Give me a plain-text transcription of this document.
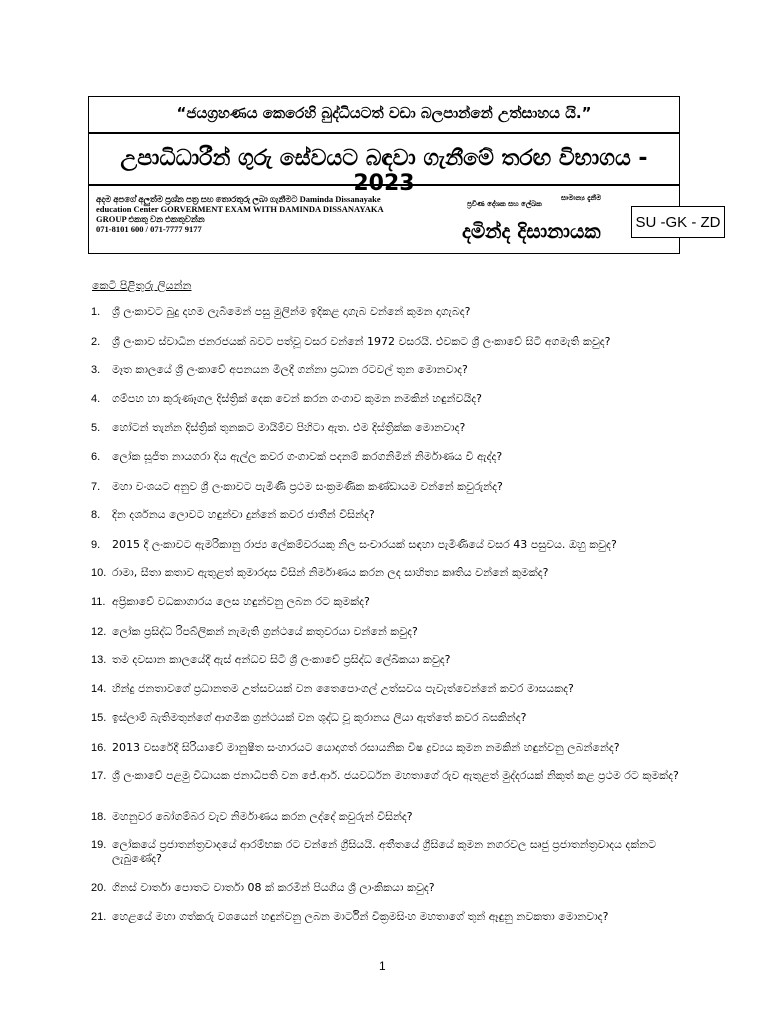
“ජයග්‍රහණය කෙරෙහි බුද්ධියටත් වඩා බලපාන්නේ උත්සාහය යි.”
උපාධිධාරීන් ගුරු සේවයට බඳවා ගැනීමේ තරඟ විභාගය - 2023
අදම අපගේ අලුත්ම ප්‍රශ්න පත්‍ර සහ තොරතුරු ලබා ගැනීමට Daminda Dissanayake
education Center GORVERMENT EXAM WITH DAMINDA DISSANAYAKA
GROUP එකතු වන එකතුවන්න
071-8101 600 / 071-7777 9177
ප්‍රවීණ දේශක සහ ලේඛක
සාමාන්‍ය දැනීම
දමින්ද දිසානායක SU -GK - ZD
කෙටි පිළිතුරු ලියන්න
1. ශ්‍රී ලංකාවට බුදු දහම ලැබීමෙන් පසු මුලින්ම ඉදිකළ දාගැබ වන්නේ කුමන දාගැබද?
2. ශ්‍රී ලංකාව ස්වාධීන ජනරජයක් බවට පත්වූ වසර වන්නේ 1972 වසරයි. එවකට ශ්‍රී ලංකාවේ සිටි අගමැති කවුද?
3. මෑත කාලයේ ශ්‍රී ලංකාවේ අපනයන මිලදී ගන්නා ප්‍රධාන රටවල් තුන මොනවාද?
4. ගම්පහ හා කුරුණෑගල දිස්ත්‍රික් දෙක වෙන් කරන ගංගාව කුමන නමකින් හඳුන්වයිද?
5. හෝටන් තැන්න දිස්ත්‍රික් තුනකට මායිම්ව පිහිටා ඇත. එම දිස්ත්‍රික්ක මොනවාද?
6. ලෝක සූජිත නායගරා දිය ඇල්ල කවර ගංගාවක් පදනම් කරගනිමින් නිර්මාණය වී ඇද්ද?
7. මහා වංශයට අනුව ශ්‍රී ලංකාවට පැමිණි ප්‍රථම සංක්‍රමණික කණ්ඩායම වන්නේ කවුරුන්ද?
8. දින දර්ශනය ලොවට හඳුන්වා දුන්නේ කවර ජාතීන් විසින්ද?
9. 2015 දී ලංකාවට ඇමරිකානු රාජ්‍ය ලේකම්වරයකු නිල සංචාරයක් සඳහා පැමිණියේ වසර 43 පසුවය. ඔහු කවුද?
10. රාමා, සීතා කතාව ඇතුළත් කුමාරදාස විසින් නිර්මාණය කරන ලද සාහිත්‍ය කෘතිය වන්නේ කුමක්ද?
11. අප්‍රිකාවේ වධකාගාරය ලෙස හඳුන්වනු ලබන රට කුමක්ද?
12. ලෝක ප්‍රසිද්ධ රිපබ්ලිකන් නැමැති ග්‍රන්ථයේ කතුවරයා වන්නේ කවුද?
13. තම දවසාන කාලයේදී ඇස් අන්ධව සිටි ශ්‍රී ලංකාවේ ප්‍රසිද්ධ ලේඛිකයා කවුද?
14. හින්දු ජනතාවගේ ප්‍රධානතම උත්සවයක් වන තෛපොංගල් උත්සවය පැවැත්වෙන්නේ කවර මාසයකද?
15. ඉස්ලාම් බැතිමතුන්ගේ ආගමික ග්‍රන්ථයක් වන ශුද්ධ වූ කුරානය ලියා ඇත්තේ කවර බසකින්ද?
16. 2013 වසරේදී සිරියාවේ මානුෂීත සංහාරයට යොදාගත් රසායනික විෂ ද්‍රව්‍යය කුමන නමකින් හඳුන්වනු ලබන්නේද?
17. ශ්‍රී ලංකාවේ පළමු විධායක ජනාධිපති වන ජේ.ආර්. ජයවර්ධන මහතාගේ රුව ඇතුළත් මුද්දරයක් නිකුත් කළ ප්‍රථම රට කුමක්ද?
18. මහනුවර බෝගම්බර වැව නිර්මාණය කරන ලද්දේ කවුරුන් විසින්ද?
19. ලෝකයේ ප්‍රජාතන්ත්‍රවාදයේ ආරම්භක රට වන්නේ ග්‍රීසියයි. අතීතයේ ග්‍රීසියේ කුමන නගරවල සෘජු ප්‍රජාතන්ත්‍රවාදය දක්නට ලැබුණේද?
20. ගිනස් වාර්තා පොතට වාර්තා 08 ක් කරමින් පියගිය ශ්‍රී ලාංකිකයා කවුද?
21. හෙළයේ මහා ගත්කරු වශයෙන් හඳුන්වනු ලබන මාර්ටින් වික්‍රමසිංහ මහතාගේ තුන් ඈඳුනු නවකතා මොනවාද?
1
